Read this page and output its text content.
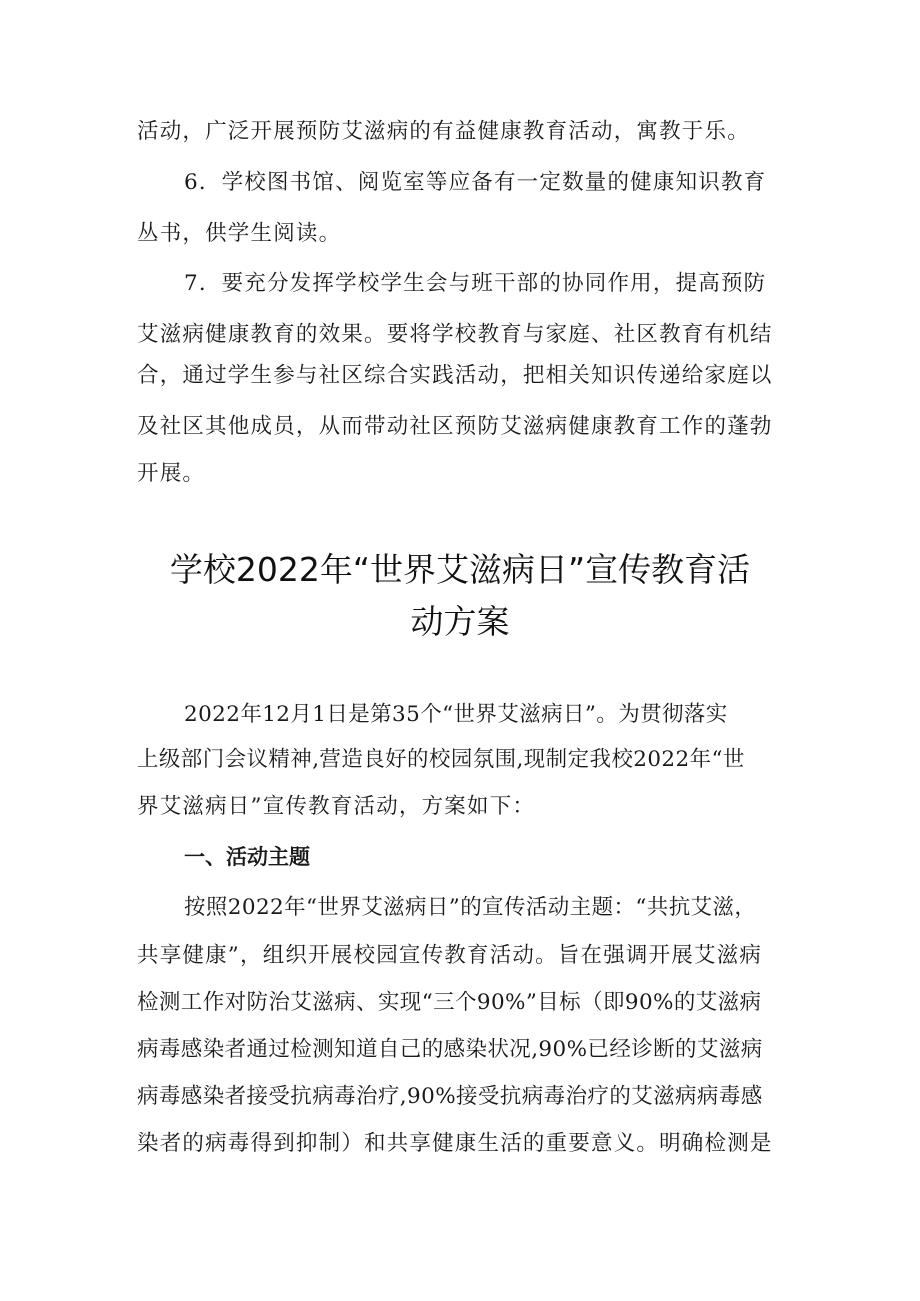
活动，广泛开展预防艾滋病的有益健康教育活动，寓教于乐。
6．学校图书馆、阅览室等应备有一定数量的健康知识教育
丛书，供学生阅读。
7．要充分发挥学校学生会与班干部的协同作用，提高预防
艾滋病健康教育的效果。要将学校教育与家庭、社区教育有机结
合，通过学生参与社区综合实践活动，把相关知识传递给家庭以
及社区其他成员，从而带动社区预防艾滋病健康教育工作的蓬勃
开展。
学校2022年“世界艾滋病日”宣传教育活
动方案
2022年12月1日是第35个“世界艾滋病日”。为贯彻落实
上级部门会议精神,营造良好的校园氛围,现制定我校2022年“世
界艾滋病日”宣传教育活动，方案如下：
一、活动主题
按照2022年“世界艾滋病日”的宣传活动主题：“共抗艾滋，
共享健康”，组织开展校园宣传教育活动。旨在强调开展艾滋病
检测工作对防治艾滋病、实现“三个90%”目标（即90%的艾滋病
病毒感染者通过检测知道自己的感染状况,90%已经诊断的艾滋病
病毒感染者接受抗病毒治疗,90%接受抗病毒治疗的艾滋病病毒感
染者的病毒得到抑制）和共享健康生活的重要意义。明确检测是
